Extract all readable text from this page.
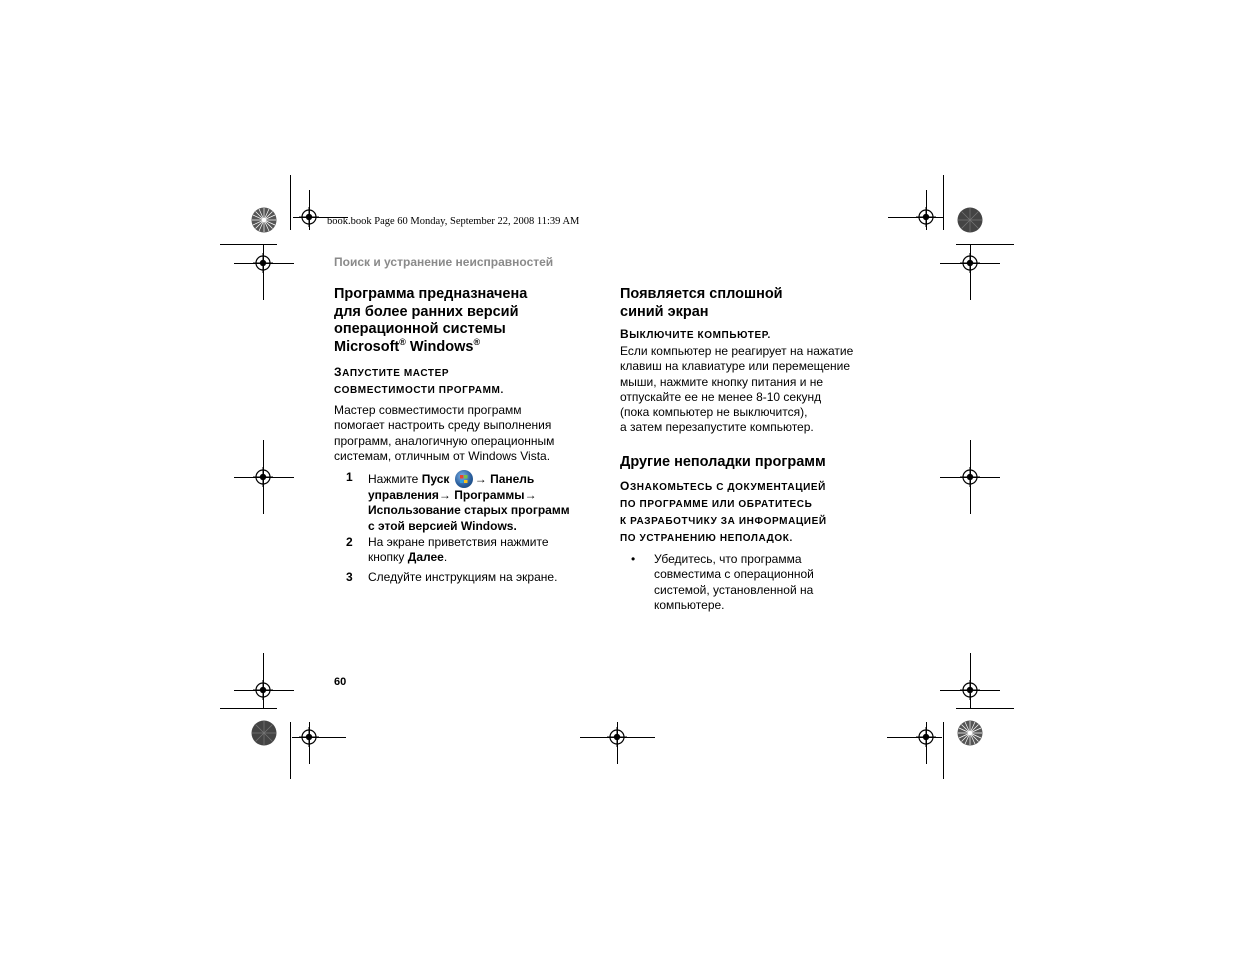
book.book Page 60 Monday, September 22, 2008 11:39 AM
Поиск и устранение неисправностей
Программа предназначена
для более ранних версий
операционной системы
Microsoft® Windows®
ЗАПУСТИТЕ МАСТЕР
СОВМЕСТИМОСТИ ПРОГРАММ.
Мастер совместимости программ
помогает настроить среду выполнения
программ, аналогичную операционным
системам, отличным от Windows Vista.
1 Нажмите Пуск → Панель
управления→ Программы→
Использование старых программ
с этой версией Windows.
2 На экране приветствия нажмите
кнопку Далее.
3 Следуйте инструкциям на экране.
Появляется сплошной
синий экран
ВЫКЛЮЧИТЕ КОМПЬЮТЕР.
Если компьютер не реагирует на нажатие
клавиш на клавиатуре или перемещение
мыши, нажмите кнопку питания и не
отпускайте ее не менее 8-10 секунд
(пока компьютер не выключится),
а затем перезапустите компьютер.
Другие неполадки программ
ОЗНАКОМЬТЕСЬ С ДОКУМЕНТАЦИЕЙ
ПО ПРОГРАММЕ ИЛИ ОБРАТИТЕСЬ
К РАЗРАБОТЧИКУ ЗА ИНФОРМАЦИЕЙ
ПО УСТРАНЕНИЮ НЕПОЛАДОК.
• Убедитесь, что программа
совместима с операционной
системой, установленной на
компьютере.
60
